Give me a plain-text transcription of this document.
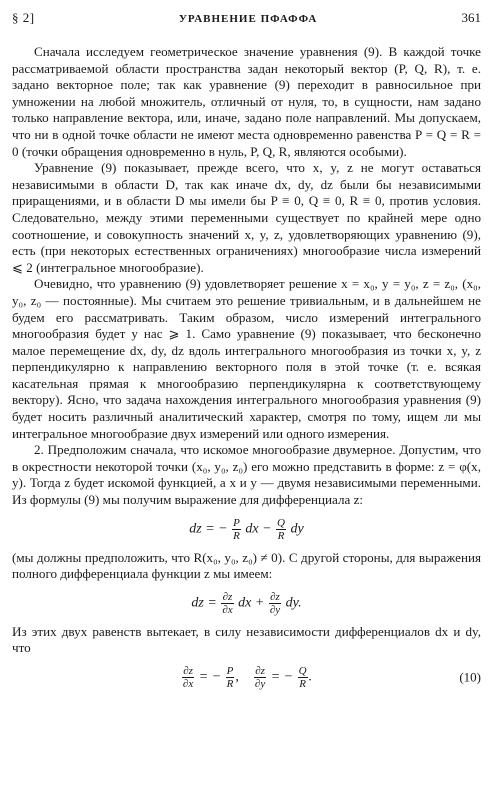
§ 2]	УРАВНЕНИЕ ПФАФФА	361

Сначала исследуем геометрическое значение уравнения (9). В каждой точке рассматриваемой области пространства задан некоторый вектор (P, Q, R), т. е. задано векторное поле; так как уравнение (9) переходит в равносильное при умножении на любой множитель, отличный от нуля, то, в сущности, нам задано только направление вектора, или, иначе, задано поле направлений. Мы допускаем, что ни в одной точке области не имеют места одновременно равенства P = Q = R = 0 (точки обращения одновременно в нуль, P, Q, R, являются особыми).

Уравнение (9) показывает, прежде всего, что x, y, z не могут оставаться независимыми в области D, так как иначе dx, dy, dz были бы независимыми приращениями, и в области D мы имели бы P ≡ 0, Q ≡ 0, R ≡ 0, против условия. Следовательно, между этими переменными существует по крайней мере одно соотношение, и совокупность значений x, y, z, удовлетворяющих уравнению (9), есть (при некоторых естественных ограничениях) многообразие числа измерений ⩽ 2 (интегральное многообразие).

Очевидно, что уравнению (9) удовлетворяет решение x = x₀, y = y₀, z = z₀, (x₀, y₀, z₀ — постоянные). Мы считаем это решение тривиальным, и в дальнейшем не будем его рассматривать. Таким образом, число измерений интегрального многообразия будет у нас ⩾ 1. Само уравнение (9) показывает, что бесконечно малое перемещение dx, dy, dz вдоль интегрального многообразия из точки x, y, z перпендикулярно к направлению векторного поля в этой точке (т. е. всякая касательная прямая к многообразию перпендикулярна к соответствующему вектору). Ясно, что задача нахождения интегрального многообразия уравнения (9) будет носить различный аналитический характер, смотря по тому, ищем ли мы интегральное многообразие двух измерений или одного измерения.

2. Предположим сначала, что искомое многообразие двумерное. Допустим, что в окрестности некоторой точки (x₀, y₀, z₀) его можно представить в форме: z = φ(x, y). Тогда z будет искомой функцией, а x и y — двумя независимыми переменными. Из формулы (9) мы получим выражение для дифференциала z:

dz = − $\frac{P}{R}$ dx − $\frac{Q}{R}$ dy

(мы должны предположить, что R(x₀, y₀, z₀) ≠ 0). С другой стороны, для выражения полного дифференциала функции z мы имеем:

dz = $\frac{\partial z}{\partial x}$ dx + $\frac{\partial z}{\partial y}$ dy.

Из этих двух равенств вытекает, в силу независимости дифференциалов dx и dy, что

$\frac{\partial z}{\partial x}$ = − $\frac{P}{R}$ , $\frac{\partial z}{\partial y}$ = − $\frac{Q}{R}$ .	(10)
